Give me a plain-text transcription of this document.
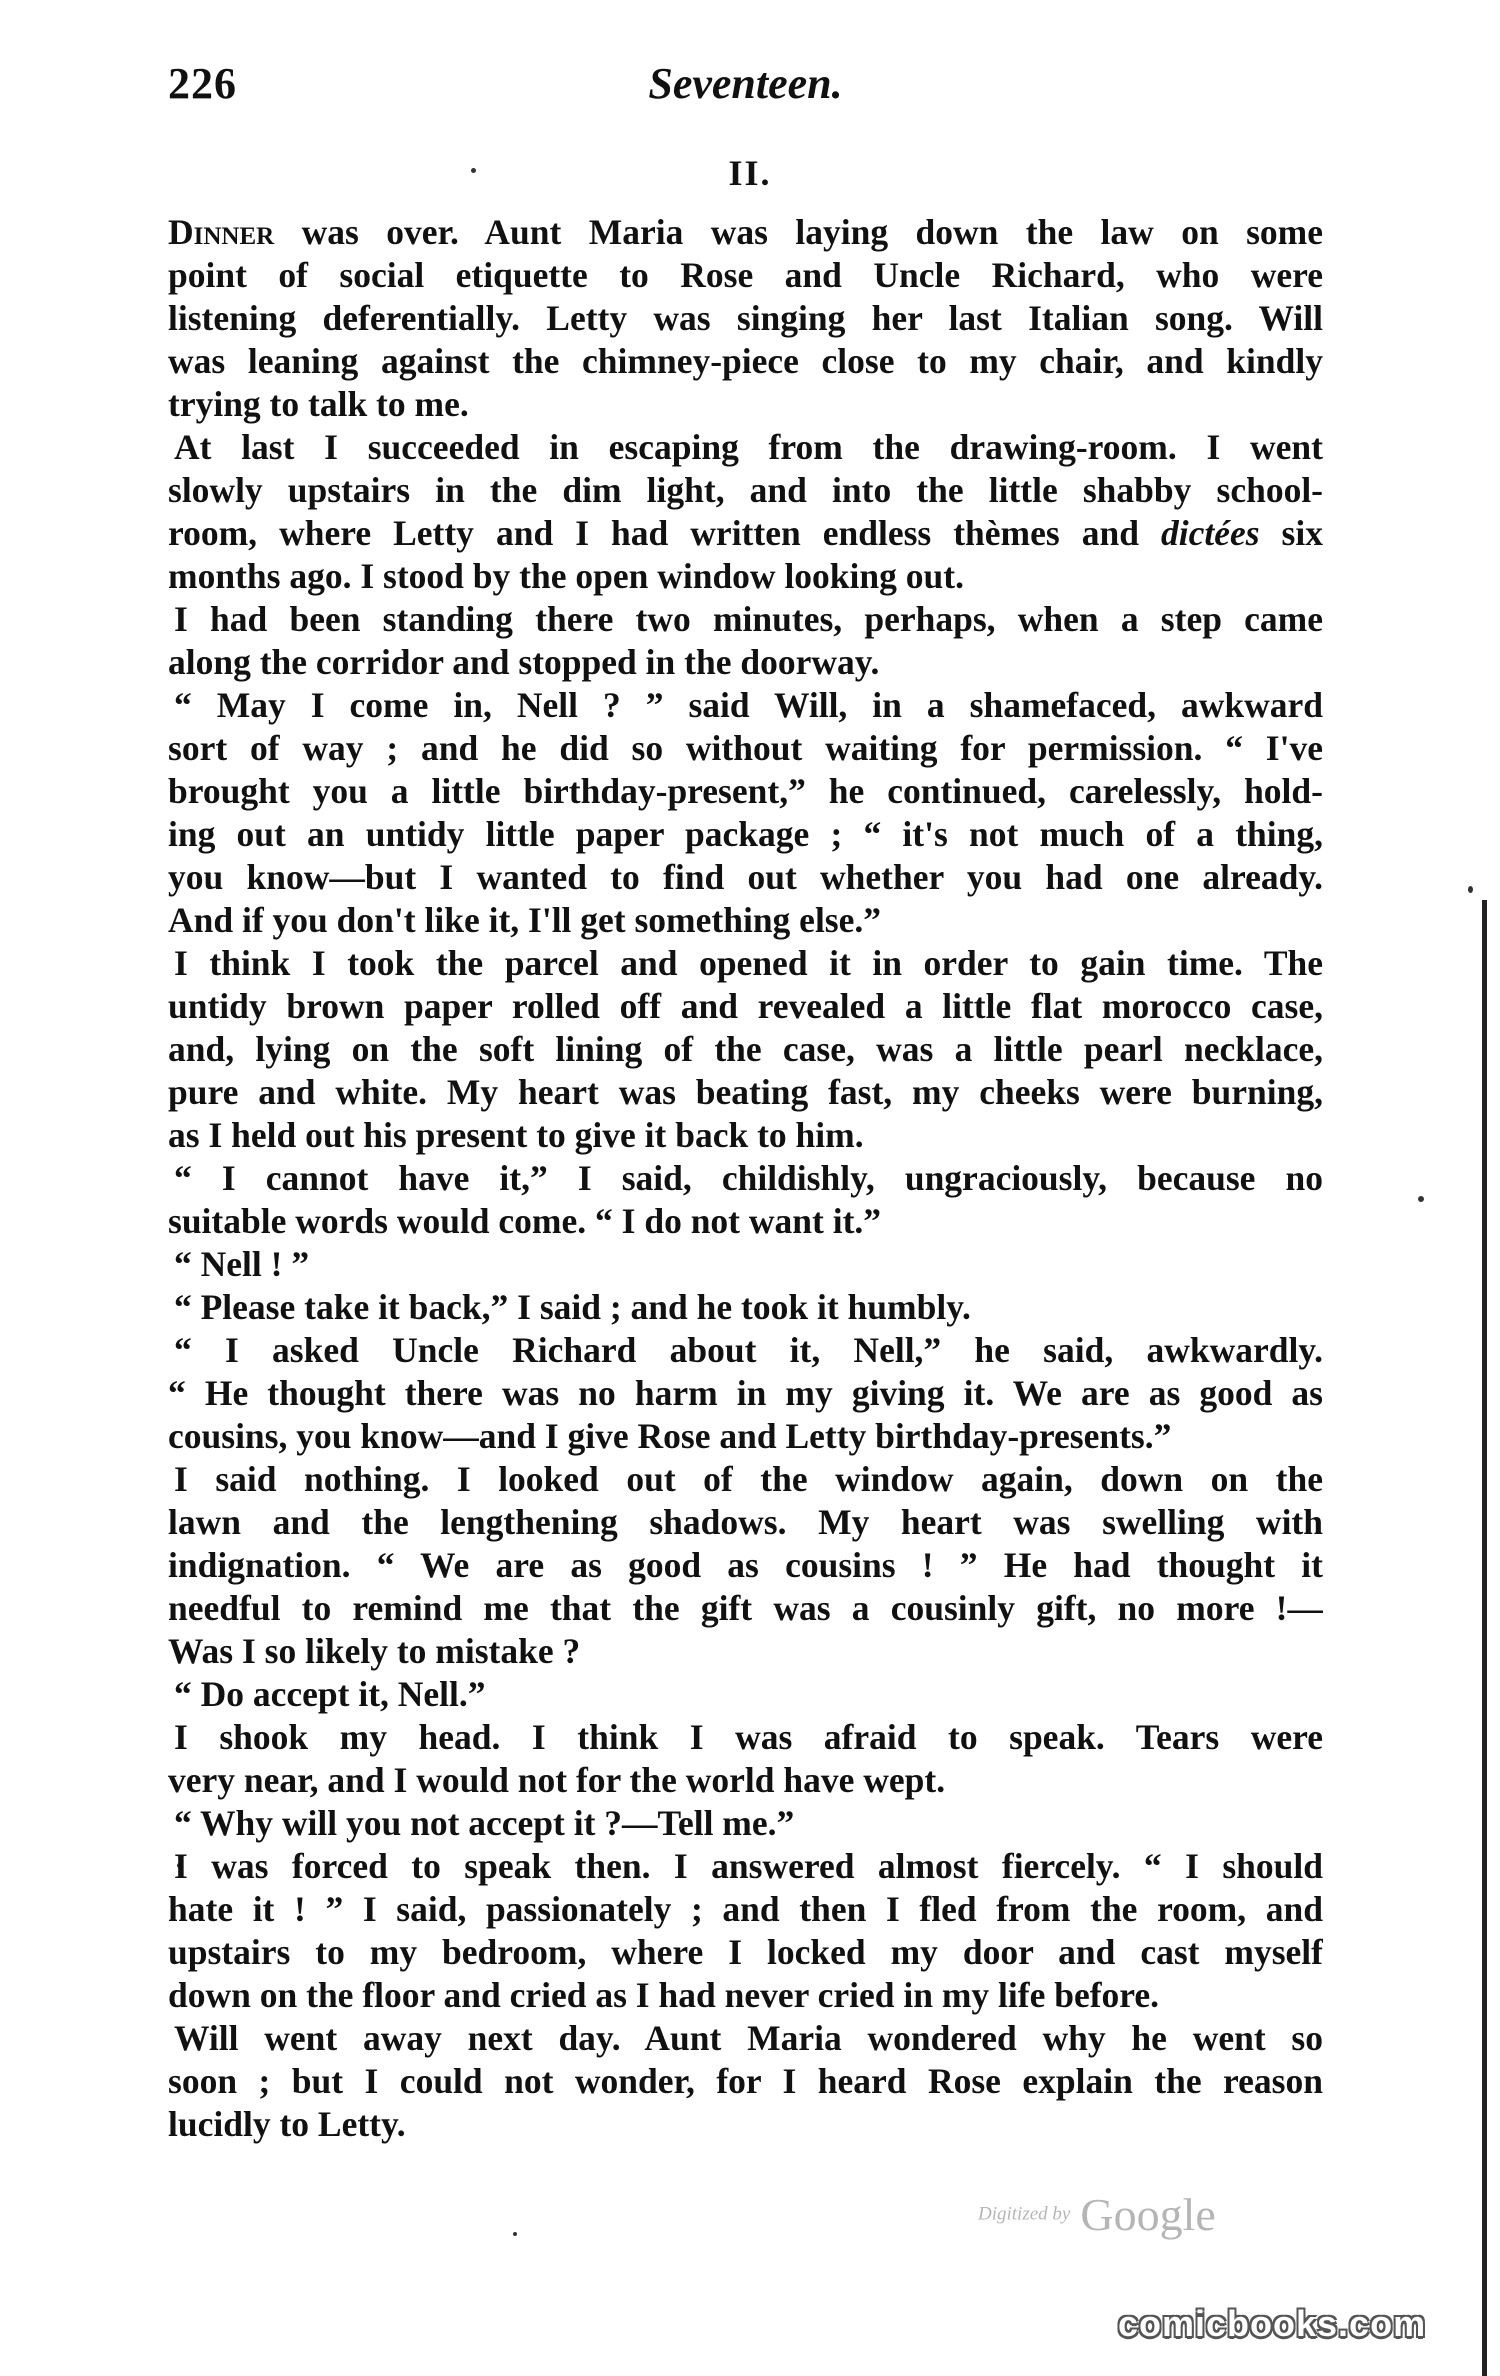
226	Seventeen.
II.
Dinner was over. Aunt Maria was laying down the law on some
point of social etiquette to Rose and Uncle Richard, who were
listening deferentially. Letty was singing her last Italian song. Will
was leaning against the chimney-piece close to my chair, and kindly
trying to talk to me.
At last I succeeded in escaping from the drawing-room. I went
slowly upstairs in the dim light, and into the little shabby school-
room, where Letty and I had written endless thèmes and dictées six
months ago. I stood by the open window looking out.
I had been standing there two minutes, perhaps, when a step came
along the corridor and stopped in the doorway.
“ May I come in, Nell ? ” said Will, in a shamefaced, awkward
sort of way ; and he did so without waiting for permission. “ I've
brought you a little birthday-present,” he continued, carelessly, hold-
ing out an untidy little paper package ; “ it's not much of a thing,
you know—but I wanted to find out whether you had one already.
And if you don't like it, I'll get something else.”
I think I took the parcel and opened it in order to gain time. The
untidy brown paper rolled off and revealed a little flat morocco case,
and, lying on the soft lining of the case, was a little pearl necklace,
pure and white. My heart was beating fast, my cheeks were burning,
as I held out his present to give it back to him.
“ I cannot have it,” I said, childishly, ungraciously, because no
suitable words would come. “ I do not want it.”
“ Nell ! ”
“ Please take it back,” I said ; and he took it humbly.
“ I asked Uncle Richard about it, Nell,” he said, awkwardly.
“ He thought there was no harm in my giving it. We are as good as
cousins, you know—and I give Rose and Letty birthday-presents.”
I said nothing. I looked out of the window again, down on the
lawn and the lengthening shadows. My heart was swelling with
indignation. “ We are as good as cousins ! ” He had thought it
needful to remind me that the gift was a cousinly gift, no more !—
Was I so likely to mistake ?
“ Do accept it, Nell.”
I shook my head. I think I was afraid to speak. Tears were
very near, and I would not for the world have wept.
“ Why will you not accept it ?—Tell me.”
I was forced to speak then. I answered almost fiercely. “ I should
hate it ! ” I said, passionately ; and then I fled from the room, and
upstairs to my bedroom, where I locked my door and cast myself
down on the floor and cried as I had never cried in my life before.
Will went away next day. Aunt Maria wondered why he went so
soon ; but I could not wonder, for I heard Rose explain the reason
lucidly to Letty.
Digitized by Google
comicbooks.com
